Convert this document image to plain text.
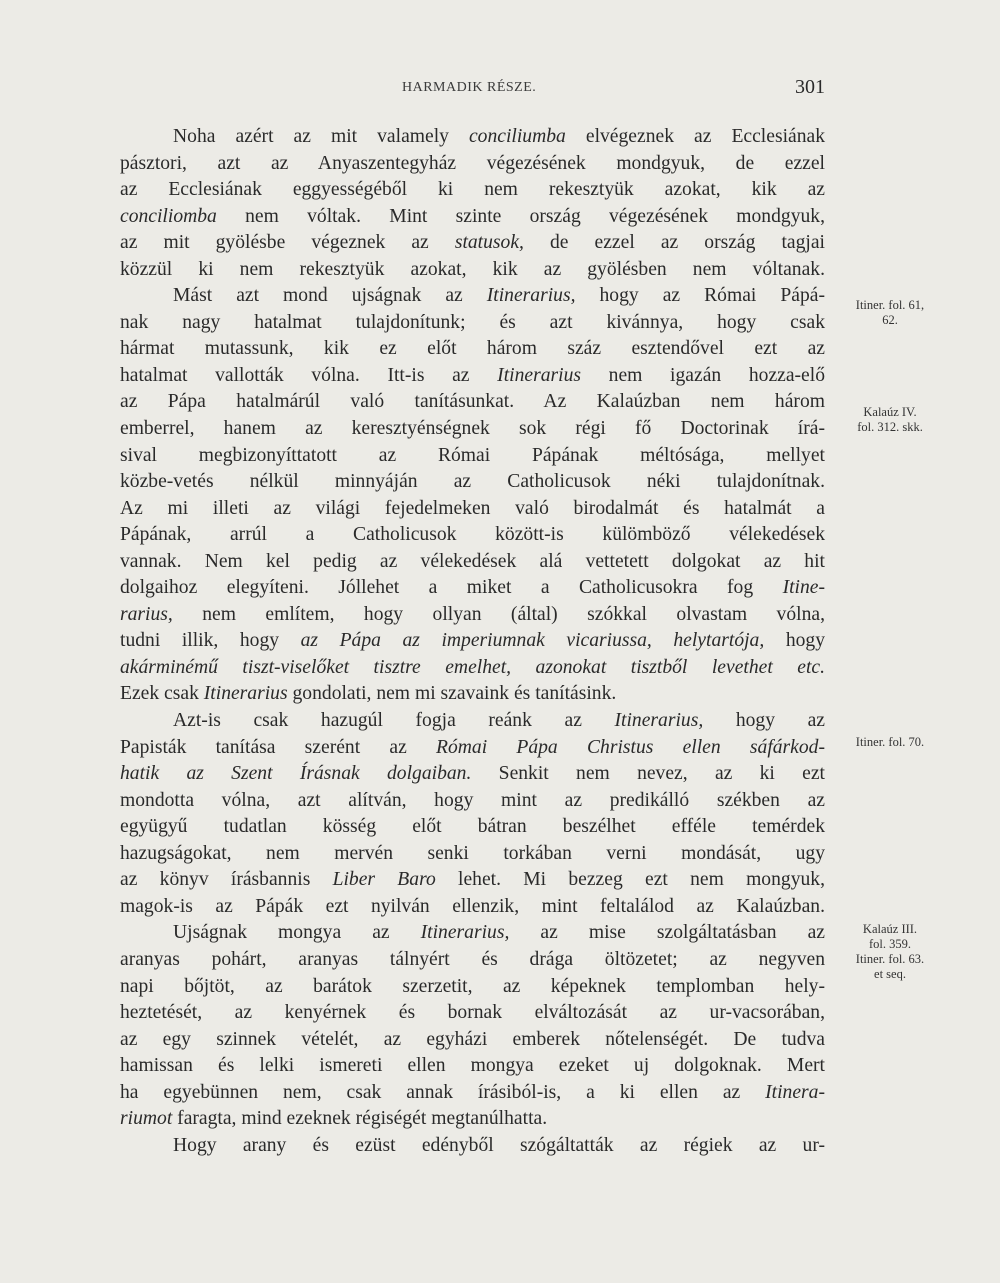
HARMADIK RÉSZE.	301
Noha azért az mit valamely conciliumba elvégeznek az Ecclesiának
pásztori, azt az Anyaszentegyház végezésének mondgyuk, de ezzel
az Ecclesiának eggyességéből ki nem rekesztyük azokat, kik az
conciliomba nem vóltak. Mint szinte ország végezésének mondgyuk,
az mit gyölésbe végeznek az statusok, de ezzel az ország tagjai
közzül ki nem rekesztyük azokat, kik az gyölésben nem vóltanak.
Mást azt mond ujságnak az Itinerarius, hogy az Római Pápá-
nak nagy hatalmat tulajdonítunk; és azt kivánnya, hogy csak
hármat mutassunk, kik ez előt három száz esztendővel ezt az
hatalmat vallották vólna. Itt-is az Itinerarius nem igazán hozza-elő
az Pápa hatalmárúl való tanításunkat. Az Kalaúzban nem három
emberrel, hanem az keresztyénségnek sok régi fő Doctorinak írá-
sival megbizonyíttatott az Római Pápának méltósága, mellyet
közbe-vetés nélkül minnyáján az Catholicusok néki tulajdonítnak.
Az mi illeti az világi fejedelmeken való birodalmát és hatalmát a
Pápának, arrúl a Catholicusok között-is külömböző vélekedések
vannak. Nem kel pedig az vélekedések alá vettetett dolgokat az hit
dolgaihoz elegyíteni. Jóllehet a miket a Catholicusokra fog Itine-
rarius, nem említem, hogy ollyan (által) szókkal olvastam vólna,
tudni illik, hogy az Pápa az imperiumnak vicariussa, helytartója, hogy
akárminémű tiszt-viselőket tisztre emelhet, azonokat tisztből levethet etc.
Ezek csak Itinerarius gondolati, nem mi szavaink és tanításink.
Azt-is csak hazugúl fogja reánk az Itinerarius, hogy az
Papisták tanítása szerént az Római Pápa Christus ellen sáfárkod-
hatik az Szent Írásnak dolgaiban. Senkit nem nevez, az ki ezt
mondotta vólna, azt alítván, hogy mint az predikálló székben az
együgyű tudatlan kösség előt bátran beszélhet efféle temérdek
hazugságokat, nem mervén senki torkában verni mondását, ugy
az könyv írásbannis Liber Baro lehet. Mi bezzeg ezt nem mongyuk,
magok-is az Pápák ezt nyilván ellenzik, mint feltalálod az Kalaúzban.
Ujságnak mongya az Itinerarius, az mise szolgáltatásban az
aranyas pohárt, aranyas tálnyért és drága öltözetet; az negyven
napi bőjtöt, az barátok szerzetit, az képeknek templomban hely-
heztetését, az kenyérnek és bornak elváltozását az ur-vacsorában,
az egy szinnek vételét, az egyházi emberek nőtelenségét. De tudva
hamissan és lelki ismereti ellen mongya ezeket uj dolgoknak. Mert
ha egyebünnen nem, csak annak írásiból-is, a ki ellen az Itinera-
riumot faragta, mind ezeknek régiségét megtanúlhatta.
Hogy arany és ezüst edényből szógáltatták az régiek az ur-
Itiner. fol. 61,
62.
Kalaúz IV.
fol. 312. skk.
Itiner. fol. 70.
Kalaúz III.
fol. 359.
Itiner. fol. 63.
et seq.
